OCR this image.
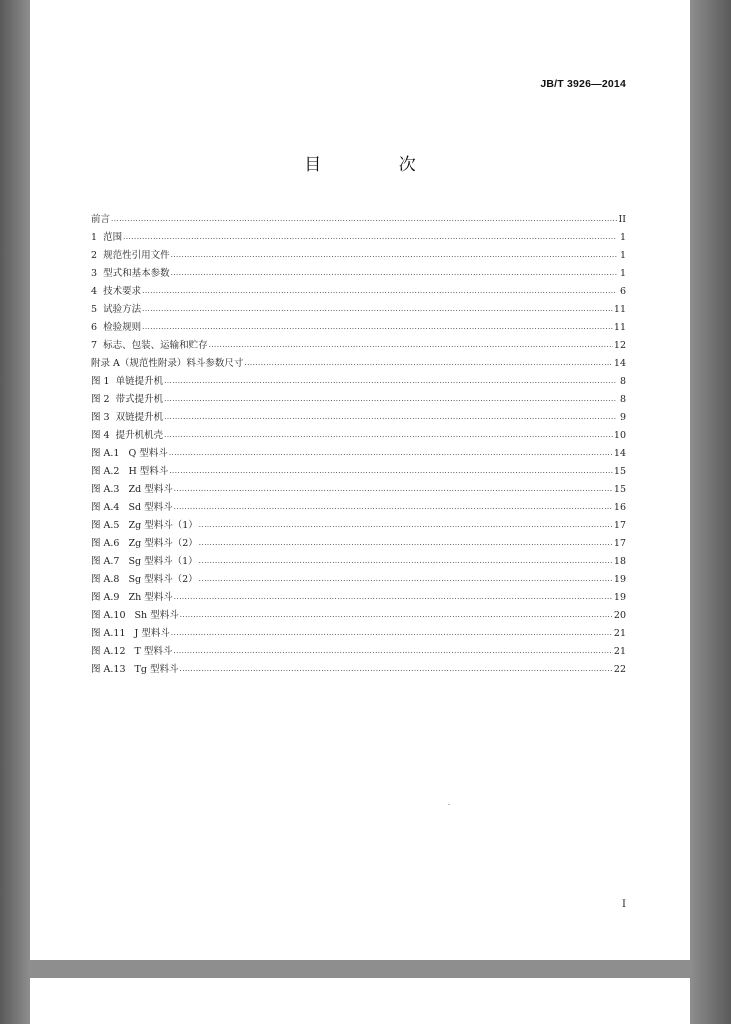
JB/T 3926—2014
目 次
前言 .....	II
1  范围 .....	1
2  规范性引用文件 .....	1
3  型式和基本参数 .....	1
4  技术要求 .....	6
5  试验方法 .....	11
6  检验规则 .....	11
7  标志、包装、运输和贮存 .....	12
附录 A（规范性附录）料斗参数尺寸 .....	14
图 1  单链提升机 .....	8
图 2  带式提升机 .....	8
图 3  双链提升机 .....	9
图 4  提升机机壳 .....	10
图 A.1   Q 型料斗 .....	14
图 A.2   H 型料斗 .....	15
图 A.3   Zd 型料斗 .....	15
图 A.4   Sd 型料斗 .....	16
图 A.5   Zg 型料斗（1） .....	17
图 A.6   Zg 型料斗（2） .....	17
图 A.7   Sg 型料斗（1） .....	18
图 A.8   Sg 型料斗（2） .....	19
图 A.9   Zh 型料斗 .....	19
图 A.10   Sh 型料斗 .....	20
图 A.11   J 型料斗 .....	21
图 A.12   T 型料斗 .....	21
图 A.13   Tg 型料斗 .....	22
I
